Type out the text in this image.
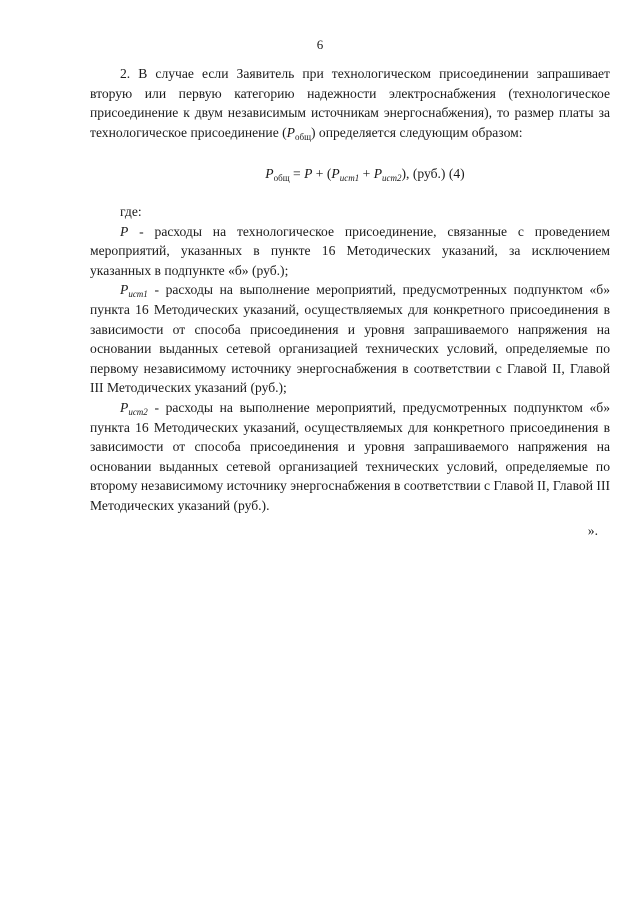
6

2. В случае если Заявитель при технологическом присоединении запрашивает вторую или первую категорию надежности электроснабжения (технологическое присоединение к двум независимым источникам энергоснабжения), то размер платы за технологическое присоединение $(P_{общ})$ определяется следующим образом:

$P_{общ} = P + (P_{ист1} + P_{ист2})$, (руб.) (4)

где:

P - расходы на технологическое присоединение, связанные с проведением мероприятий, указанных в пункте 16 Методических указаний, за исключением указанных в подпункте «б» (руб.);

$P_{ист1}$ - расходы на выполнение мероприятий, предусмотренных подпунктом «б» пункта 16 Методических указаний, осуществляемых для конкретного присоединения в зависимости от способа присоединения и уровня запрашиваемого напряжения на основании выданных сетевой организацией технических условий, определяемые по первому независимому источнику энергоснабжения в соответствии с Главой II, Главой III Методических указаний (руб.);

$P_{ист2}$ - расходы на выполнение мероприятий, предусмотренных подпунктом «б» пункта 16 Методических указаний, осуществляемых для конкретного присоединения в зависимости от способа присоединения и уровня запрашиваемого напряжения на основании выданных сетевой организацией технических условий, определяемые по второму независимому источнику энергоснабжения в соответствии с Главой II, Главой III Методических указаний (руб.).

».
